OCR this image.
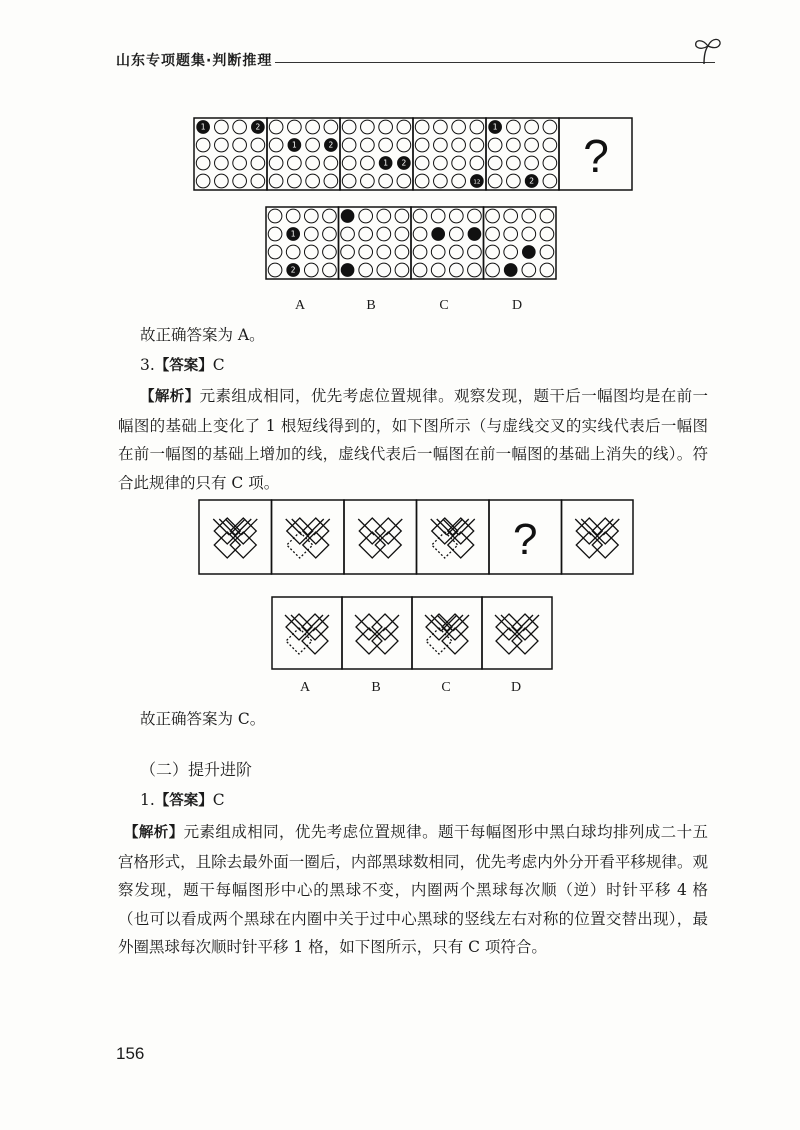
山东专项题集·判断推理
1	2
1	2
1 2
12
1
2 ?
1
2
A	B	C	D
故正确答案为 A。
3.【答案】C
【解析】元素组成相同，优先考虑位置规律。观察发现，题干后一幅图均是在前一幅图的基础上变化了 1 根短线得到的，如下图所示（与虚线交叉的实线代表后一幅图在前一幅图的基础上增加的线，虚线代表后一幅图在前一幅图的基础上消失的线）。符合此规律的只有 C 项。
?
A	B	C	D
故正确答案为 C。
（二）提升进阶
1.【答案】C
【解析】元素组成相同，优先考虑位置规律。题干每幅图形中黑白球均排列成二十五宫格形式，且除去最外面一圈后，内部黑球数相同，优先考虑内外分开看平移规律。观察发现，题干每幅图形中心的黑球不变，内圈两个黑球每次顺（逆）时针平移 4 格（也可以看成两个黑球在内圈中关于过中心黑球的竖线左右对称的位置交替出现），最外圈黑球每次顺时针平移 1 格，如下图所示，只有 C 项符合。
156
